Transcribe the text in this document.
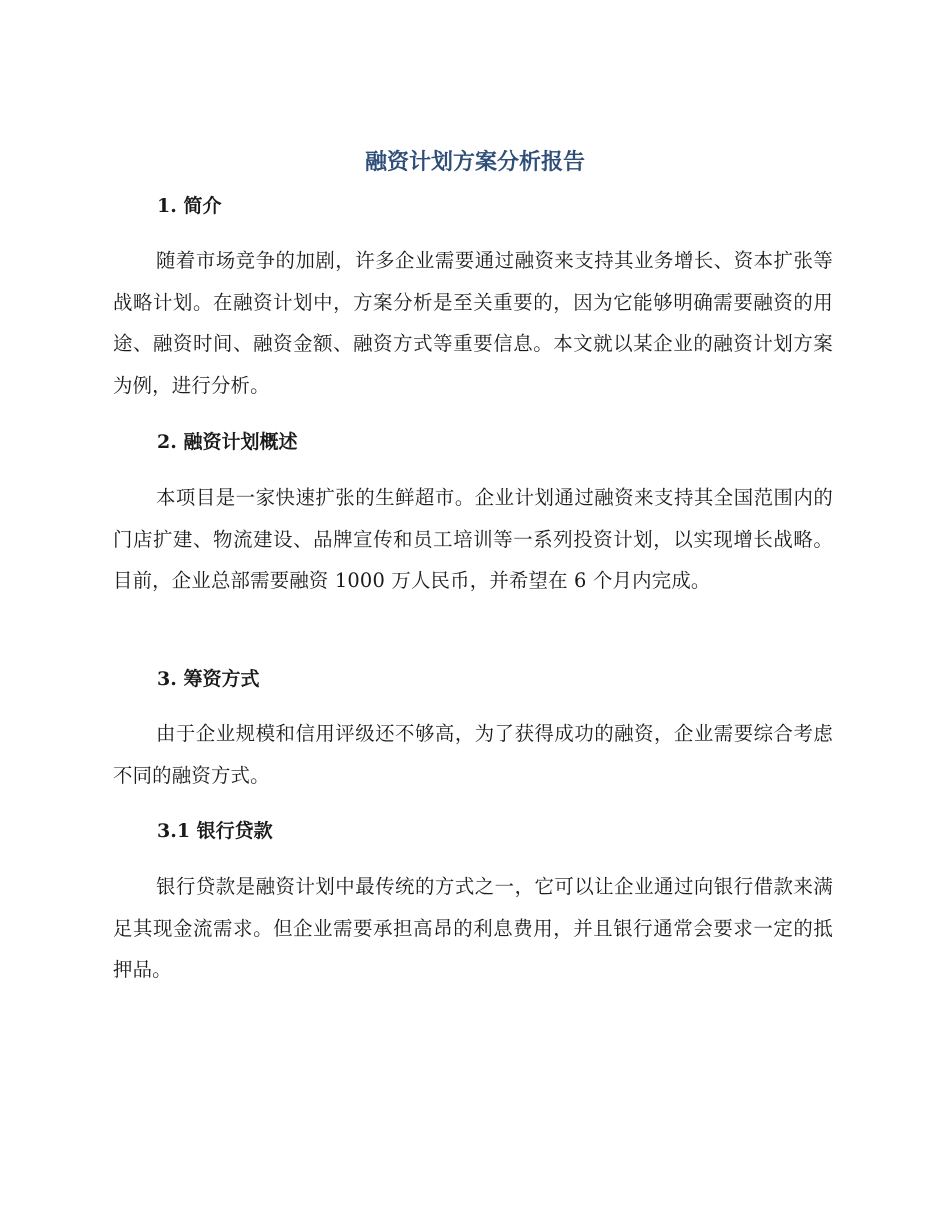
融资计划方案分析报告
1. 简介

随着市场竞争的加剧，许多企业需要通过融资来支持其业务增长、资本扩张等战略计划。在融资计划中，方案分析是至关重要的，因为它能够明确需要融资的用途、融资时间、融资金额、融资方式等重要信息。本文就以某企业的融资计划方案为例，进行分析。

2. 融资计划概述

本项目是一家快速扩张的生鲜超市。企业计划通过融资来支持其全国范围内的门店扩建、物流建设、品牌宣传和员工培训等一系列投资计划，以实现增长战略。目前，企业总部需要融资 1000 万人民币，并希望在 6 个月内完成。

3. 筹资方式

由于企业规模和信用评级还不够高，为了获得成功的融资，企业需要综合考虑不同的融资方式。

3.1 银行贷款

银行贷款是融资计划中最传统的方式之一，它可以让企业通过向银行借款来满足其现金流需求。但企业需要承担高昂的利息费用，并且银行通常会要求一定的抵押品。
